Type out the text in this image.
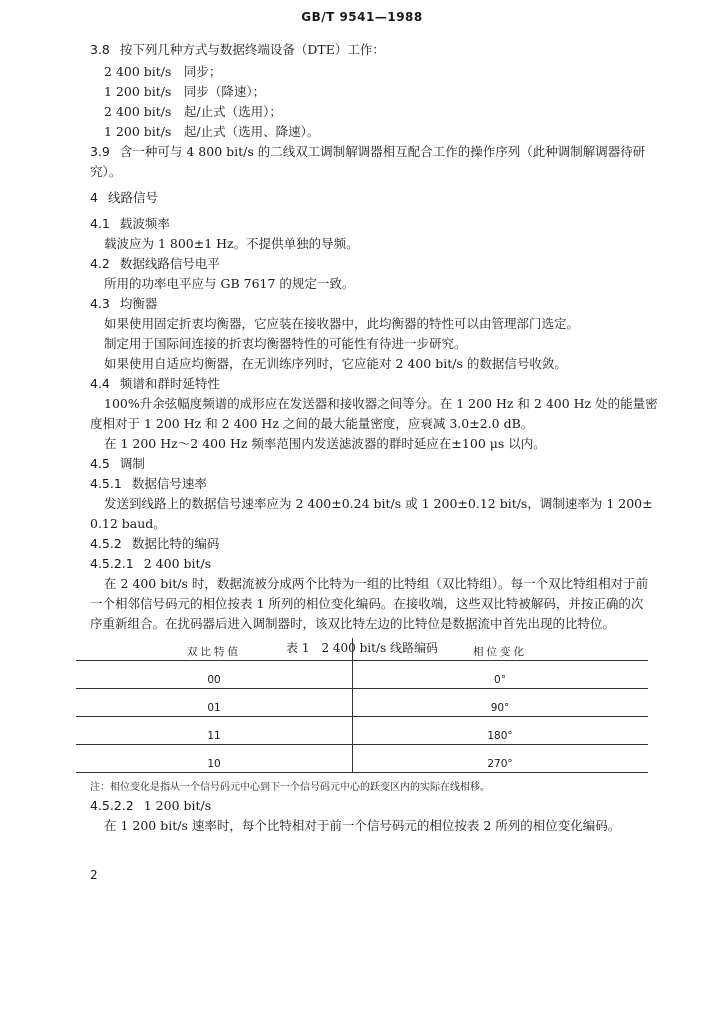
GB/T 9541—1988
3.8 按下列几种方式与数据终端设备（DTE）工作：
2 400 bit/s　同步；
1 200 bit/s　同步（降速）；
2 400 bit/s　起/止式（选用）；
1 200 bit/s　起/止式（选用、降速）。
3.9 含一种可与 4 800 bit/s 的二线双工调制解调器相互配合工作的操作序列（此种调制解调器待研
究）。
4 线路信号
4.1 载波频率
载波应为 1 800±1 Hz。不提供单独的导频。
4.2 数据线路信号电平
所用的功率电平应与 GB 7617 的规定一致。
4.3 均衡器
如果使用固定折衷均衡器，它应装在接收器中，此均衡器的特性可以由管理部门选定。
制定用于国际间连接的折衷均衡器特性的可能性有待进一步研究。
如果使用自适应均衡器，在无训练序列时，它应能对 2 400 bit/s 的数据信号收敛。
4.4 频谱和群时延特性
100%升余弦幅度频谱的成形应在发送器和接收器之间等分。在 1 200 Hz 和 2 400 Hz 处的能量密
度相对于 1 200 Hz 和 2 400 Hz 之间的最大能量密度，应衰减 3.0±2.0 dB。
在 1 200 Hz～2 400 Hz 频率范围内发送滤波器的群时延应在±100 μs 以内。
4.5 调制
4.5.1 数据信号速率
发送到线路上的数据信号速率应为 2 400±0.24 bit/s 或 1 200±0.12 bit/s，调制速率为 1 200±
0.12 baud。
4.5.2 数据比特的编码
4.5.2.1 2 400 bit/s
在 2 400 bit/s 时，数据流被分成两个比特为一组的比特组（双比特组）。每一个双比特组相对于前
一个相邻信号码元的相位按表 1 所列的相位变化编码。在接收端，这些双比特被解码，并按正确的次
序重新组合。在扰码器后进入调制器时，该双比特左边的比特位是数据流中首先出现的比特位。
表 1　2 400 bit/s 线路编码
双比特值	相位变化
00	0°
01	90°
11	180°
10	270°
注：相位变化是指从一个信号码元中心到下一个信号码元中心的跃变区内的实际在线相移。
4.5.2.2 1 200 bit/s
在 1 200 bit/s 速率时，每个比特相对于前一个信号码元的相位按表 2 所列的相位变化编码。
2
